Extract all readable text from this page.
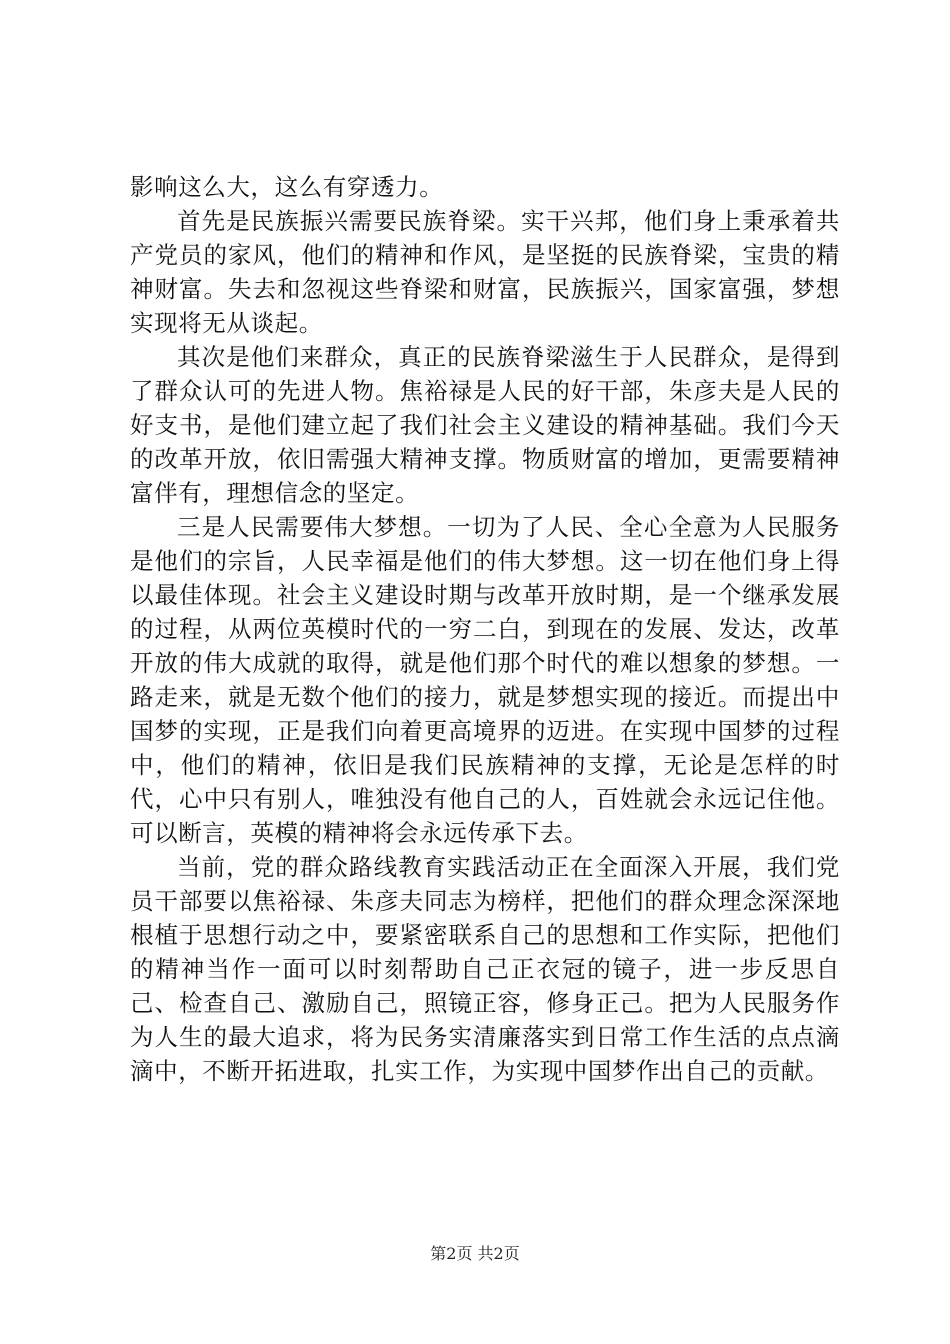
影响这么大，这么有穿透力。

首先是民族振兴需要民族脊梁。实干兴邦，他们身上秉承着共产党员的家风，他们的精神和作风，是坚挺的民族脊梁，宝贵的精神财富。失去和忽视这些脊梁和财富，民族振兴，国家富强，梦想实现将无从谈起。

其次是他们来群众，真正的民族脊梁滋生于人民群众，是得到了群众认可的先进人物。焦裕禄是人民的好干部，朱彦夫是人民的好支书，是他们建立起了我们社会主义建设的精神基础。我们今天的改革开放，依旧需强大精神支撑。物质财富的增加，更需要精神富伴有，理想信念的坚定。

三是人民需要伟大梦想。一切为了人民、全心全意为人民服务是他们的宗旨，人民幸福是他们的伟大梦想。这一切在他们身上得以最佳体现。社会主义建设时期与改革开放时期，是一个继承发展的过程，从两位英模时代的一穷二白，到现在的发展、发达，改革开放的伟大成就的取得，就是他们那个时代的难以想象的梦想。一路走来，就是无数个他们的接力，就是梦想实现的接近。而提出中国梦的实现，正是我们向着更高境界的迈进。在实现中国梦的过程中，他们的精神，依旧是我们民族精神的支撑，无论是怎样的时代，心中只有别人，唯独没有他自己的人，百姓就会永远记住他。可以断言，英模的精神将会永远传承下去。

当前，党的群众路线教育实践活动正在全面深入开展，我们党员干部要以焦裕禄、朱彦夫同志为榜样，把他们的群众理念深深地根植于思想行动之中，要紧密联系自己的思想和工作实际，把他们的精神当作一面可以时刻帮助自己正衣冠的镜子，进一步反思自己、检查自己、激励自己，照镜正容，修身正己。把为人民服务作为人生的最大追求，将为民务实清廉落实到日常工作生活的点点滴滴中，不断开拓进取，扎实工作，为实现中国梦作出自己的贡献。

第2页 共2页
